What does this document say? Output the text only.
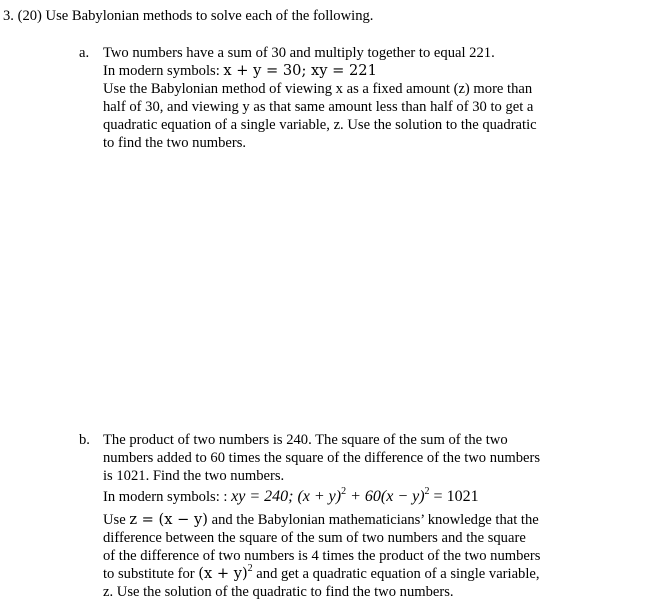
3. (20) Use Babylonian methods to solve each of the following.
a. Two numbers have a sum of 30 and multiply together to equal 221.
In modern symbols: x + y = 30; xy = 221
Use the Babylonian method of viewing x as a fixed amount (z) more than
half of 30, and viewing y as that same amount less than half of 30 to get a
quadratic equation of a single variable, z. Use the solution to the quadratic
to find the two numbers.
b. The product of two numbers is 240. The square of the sum of the two
numbers added to 60 times the square of the difference of the two numbers
is 1021. Find the two numbers.
In modern symbols: : xy = 240; $(x + y)^2 + 60(x - y)^2 = 1021$
Use z = (x − y) and the Babylonian mathematicians’ knowledge that the
difference between the square of the sum of two numbers and the square
of the difference of two numbers is 4 times the product of the two numbers
to substitute for $(x + y)^2$ and get a quadratic equation of a single variable,
z. Use the solution of the quadratic to find the two numbers.
